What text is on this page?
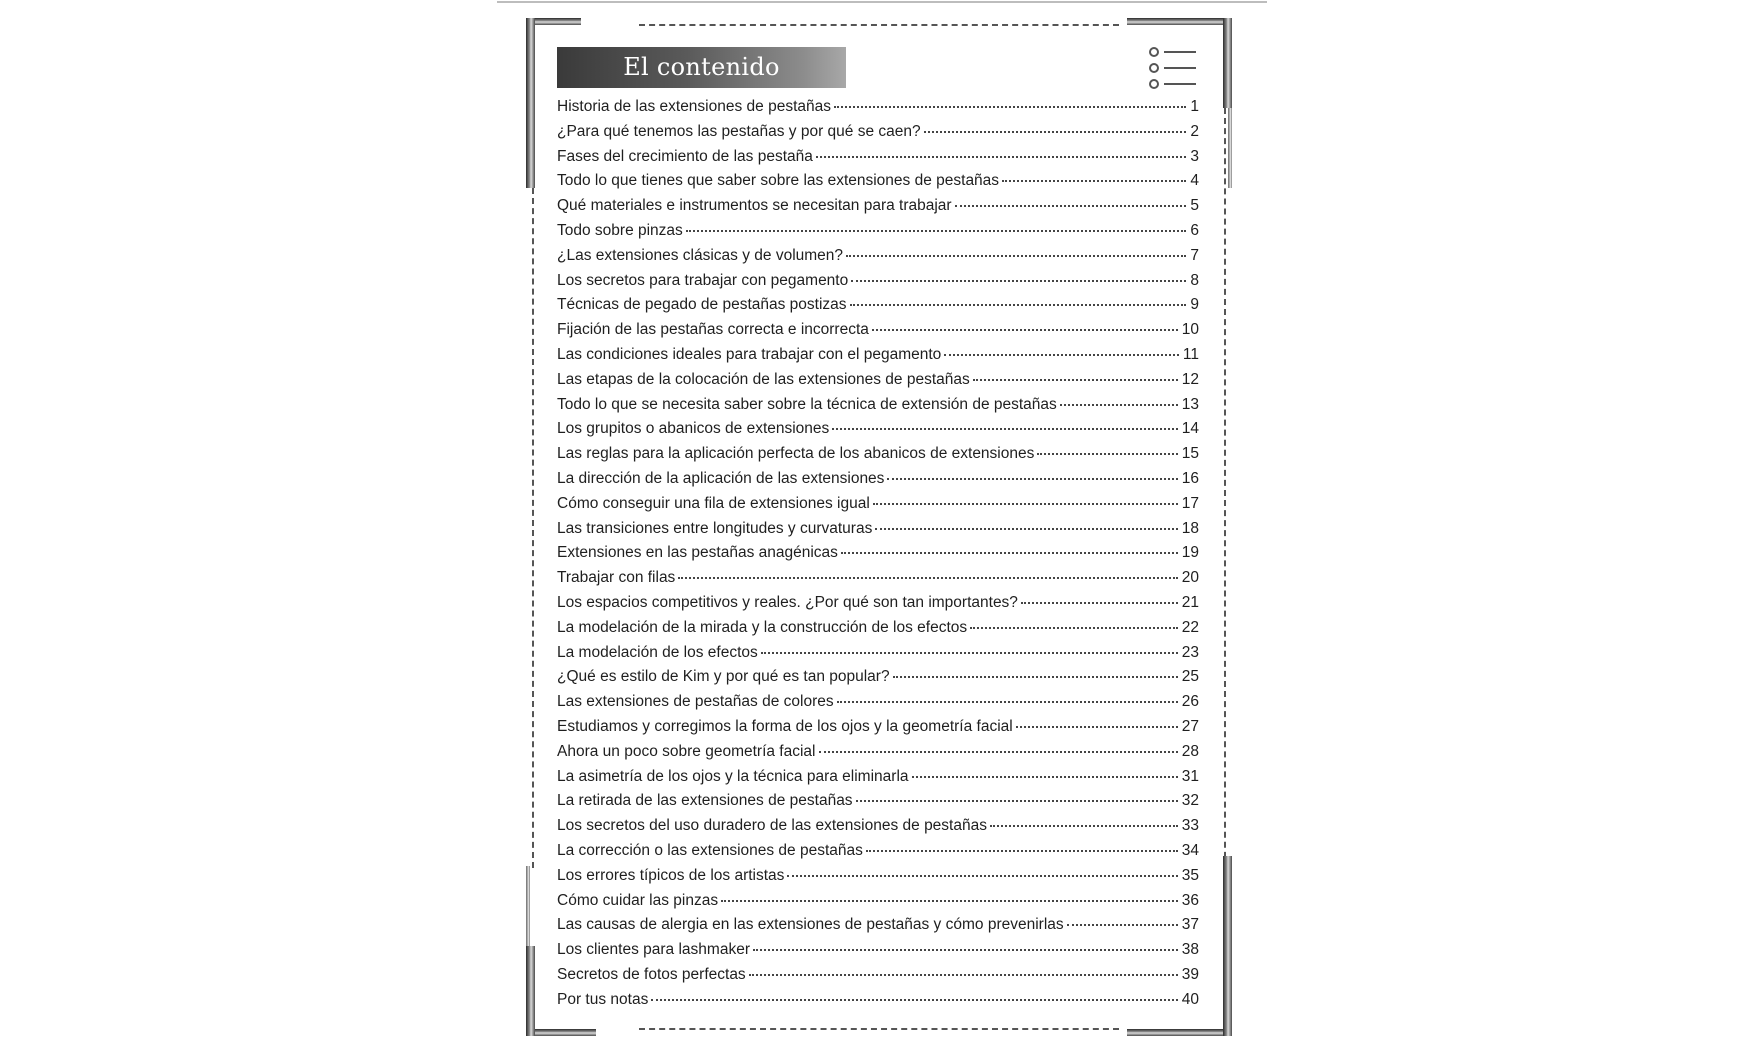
El contenido
Historia de las extensiones de pestañas	1
¿Para qué tenemos las pestañas y por qué se caen?	2
Fases del crecimiento de las pestaña	3
Todo lo que tienes que saber sobre las extensiones de pestañas	4
Qué materiales e instrumentos se necesitan para trabajar	5
Todo sobre pinzas	6
¿Las extensiones clásicas y de volumen?	7
Los secretos para trabajar con pegamento	8
Técnicas de pegado de pestañas postizas	9
Fijación de las pestañas correcta e incorrecta	10
Las condiciones ideales para trabajar con el pegamento	11
Las etapas de la colocación de las extensiones de pestañas	12
Todo lo que se necesita saber sobre la técnica de extensión de pestañas	13
Los grupitos o abanicos de extensiones	14
Las reglas para la aplicación perfecta de los abanicos de extensiones	15
La dirección de la aplicación de las extensiones	16
Cómo conseguir una fila de extensiones igual	17
Las transiciones entre longitudes y curvaturas	18
Extensiones en las pestañas anagénicas	19
Trabajar con filas	20
Los espacios competitivos y reales. ¿Por qué son tan importantes?	21
La modelación de la mirada y la construcción de los efectos	22
La modelación de los efectos	23
¿Qué es estilo de Kim y por qué es tan popular?	25
Las extensiones de pestañas de colores	26
Estudiamos y corregimos la forma de los ojos y la geometría facial	27
Ahora un poco sobre geometría facial	28
La asimetría de los ojos y la técnica para eliminarla	31
La retirada de las extensiones de pestañas	32
Los secretos del uso duradero de las extensiones de pestañas	33
La corrección o las extensiones de pestañas	34
Los errores típicos de los artistas	35
Cómo cuidar las pinzas	36
Las causas de alergia en las extensiones de pestañas y cómo prevenirlas	37
Los clientes para lashmaker	38
Secretos de fotos perfectas	39
Por tus notas	40
